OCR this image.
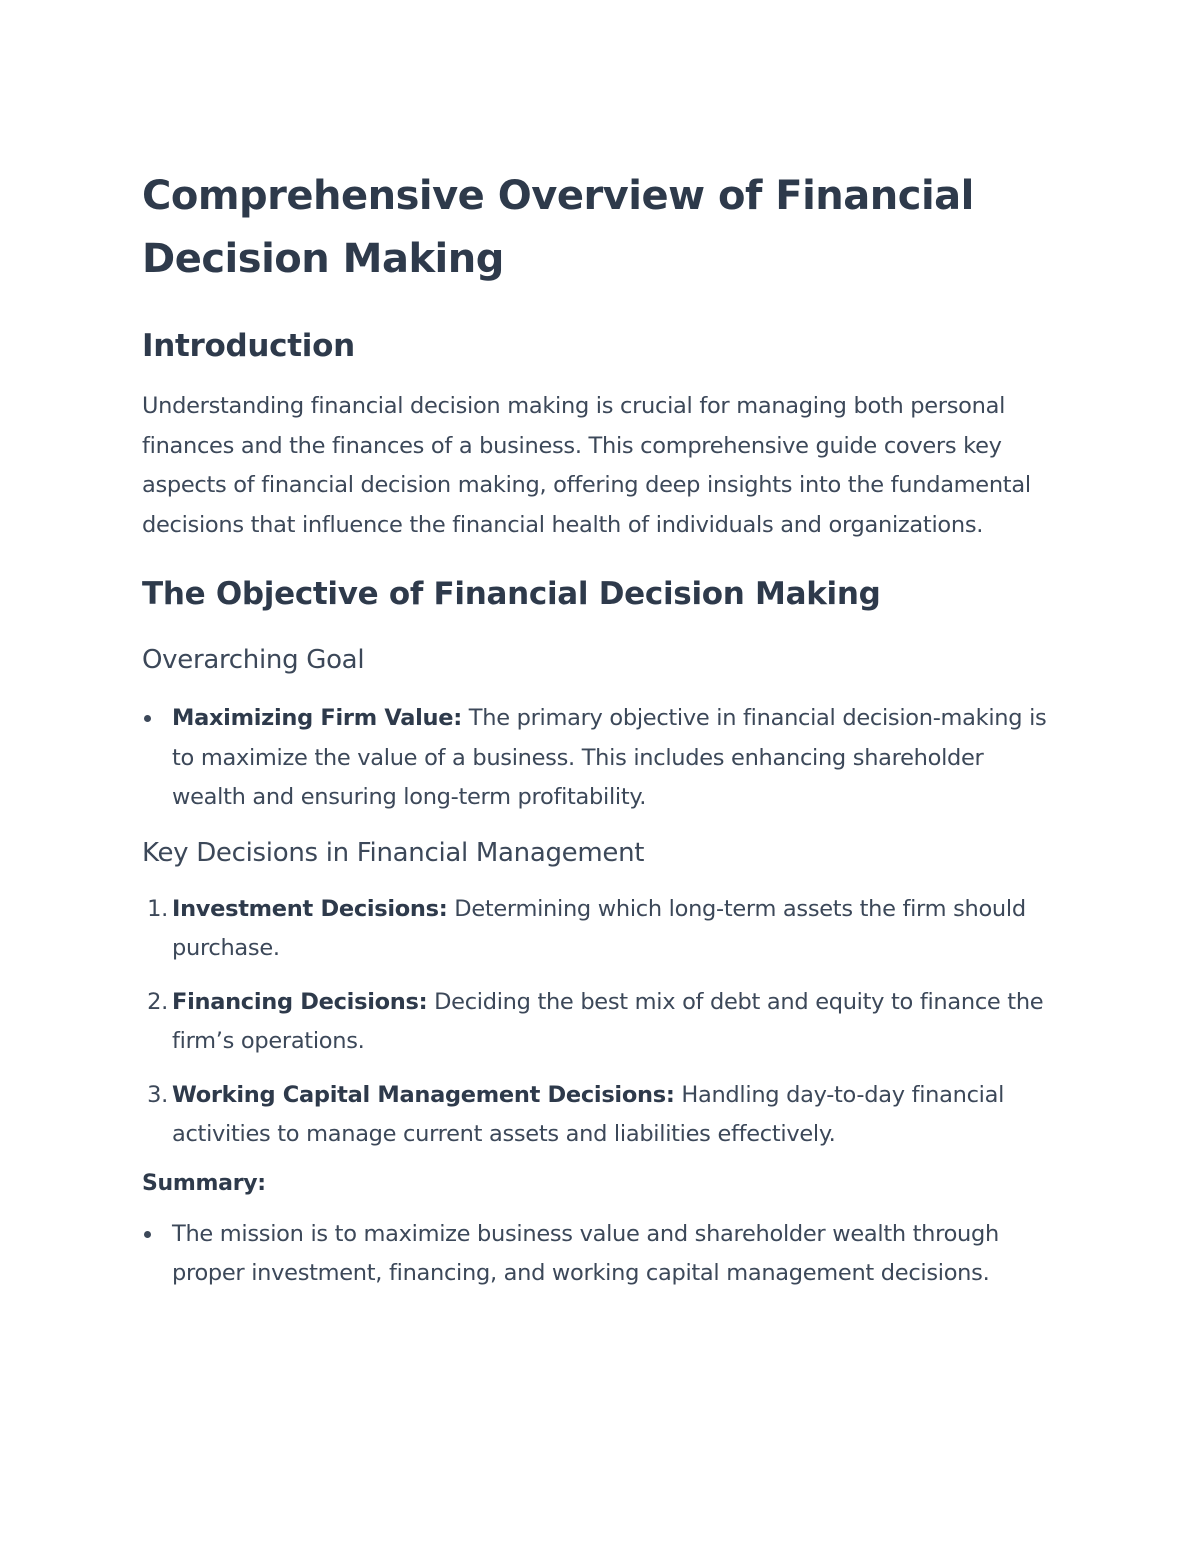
Comprehensive Overview of Financial Decision Making
Introduction

Understanding financial decision making is crucial for managing both personal finances and the finances of a business. This comprehensive guide covers key aspects of financial decision making, offering deep insights into the fundamental decisions that influence the financial health of individuals and organizations.

The Objective of Financial Decision Making
Overarching Goal
Maximizing Firm Value: The primary objective in financial decision-making is to maximize the value of a business. This includes enhancing shareholder wealth and ensuring long-term profitability.
Key Decisions in Financial Management
1. Investment Decisions: Determining which long-term assets the firm should purchase.
2. Financing Decisions: Deciding the best mix of debt and equity to finance the firm’s operations.
3. Working Capital Management Decisions: Handling day-to-day financial activities to manage current assets and liabilities effectively.
Summary:
The mission is to maximize business value and shareholder wealth through proper investment, financing, and working capital management decisions.
